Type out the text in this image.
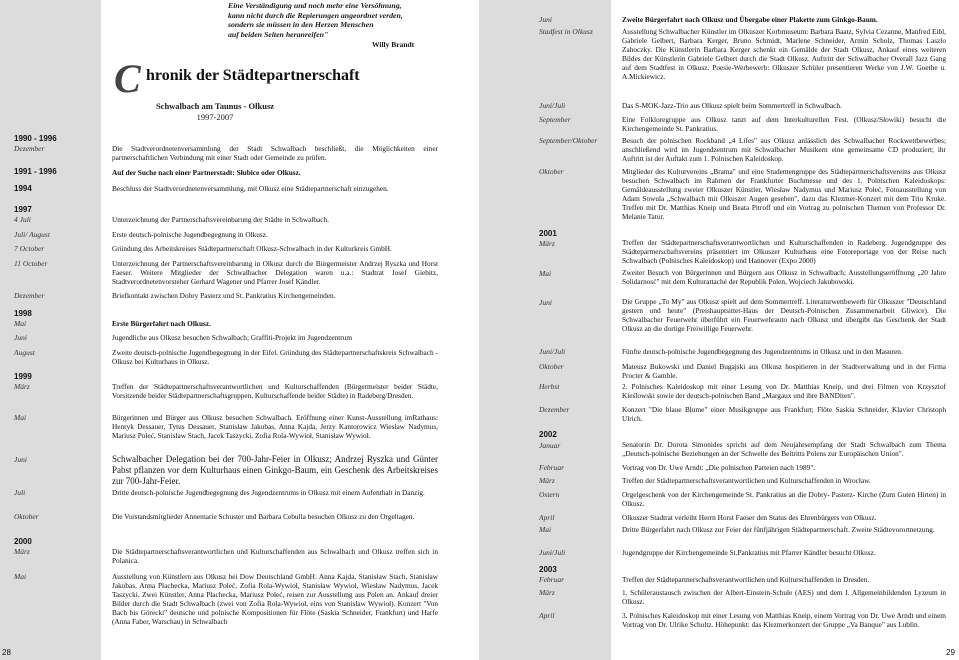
Eine Verständigung und noch mehr eine Versöhnung,
kann nicht durch die Repierungen angeordnet verden,
sondern sie müssen in den Herzen Menschen
auf beiden Seiten heranreifen"
Willy Brandt
C hronik der Städtepartnerschaft
Schwalbach am Taunus - Olkusz
1997-2007
1990 - 1996
Dezember	Die Stadtverordnetenversammlung der Stadt Schwalbach beschließt, die Möglichkeiten einer partnerschaftlichen Verbindung mit einer Stadt oder Gemeinde zu prüfen.
1991 - 1996	Auf der Suche nach einer Partnerstadt: Słubice oder Olkusz.
1994	Beschluss der Stadtverordnetenversammlung, mit Olkusz eine Städtepartnerschaft einzugehen.
1997
4 Juli	Unterzeichnung der Partnerschaftsvereinbarung der Städte in Schwalbach.
Juli/ August	Erste deutsch-polnische Jugendbegegnung in Olkusz.
7 October	Gründung des Arbeitskreises Städtepartnerschaft Olkusz-Schwalbach in der Kulturkreis GmbH.
11 October	Unterzeichnung der Partnerschaftsvereinbarung in Olkusz durch die Bürgermeister Andrzej Ryszka und Horst Faeser. Weitere Mitglieder der Schwalbacher Delegation waren u.a.: Stadtrat Josef Giebitz, Stadtverordnetenvorsteher Gerhard Wagener und Pfarrer Josef Kändler.
Dezember	Briefkontakt zwischen Dobry Pasterz und St. Pankratius Kirchengemeinden.
1998
Mai	Erste Bürgerfahrt nach Olkusz.
Juni	Jugendliche aus Olkusz besuchen Schwalbach; Graffiti-Projekt im Jugendzentrum
August	Zweite deutsch-polnische Jugendbegegnung in der Eifel. Gründung des Städtepartnerschaftskreis Schwalbach - Olkusz bei Kulturhaus in Olkusz.
1999
März	Treffen der Städtepartnerschaftsverantwortlichen und Kulturschaffenden (Bürgermeister beider Städte, Vorsitzende beider Städtepartnerschaftsgruppen, Kulturschaffende beider Städte) in Radeberg/Dresden.
Mai	Bürgerinnen und Bürger aus Olkusz besuchen Schwalbach. Eröffnung einer Kunst-Ausstellung imRathaus: Henryk Dessauer, Tytus Dessauer, Stanisław Jakubas, Anna Kajda, Jerzy Kantorowicz Wiesław Nadymus, Mariusz Połeć, Stanisław Stach, Jacek Taszycki, Zofia Rola-Wywioł, Stanisław Wywioł.
Juni	Schwalbacher Delegation bei der 700-Jahr-Feier in Olkusz; Andrzej Ryszka und Günter Pabst pflanzen vor dem Kulturhaus einen Ginkgo-Baum, ein Geschenk des Arbeitskreises zur 700-Jahr-Feier.
Juli	Dritte deutsch-polnische Jugendbegegnung des Jugendzentrums in Olkusz mit einem Aufenthalt in Danzig.
Oktober	Die Vorstandsmitglieder Annemarie Schuster und Barbara Cebulla besuchen Olkusz zu den Orgeltagen.
2000
März	Die Städtepartnerschaftsverantwortlichen und Kulturschaffenden aus Schwalbach und Olkusz treffen sich in Polanica.
Mai	Ausstellung von Künstlern aus Olkusz bei Dow Deutschland GmbH: Anna Kajda, Stanisław Stach, Stanisław Jakubas, Anna Płachecka, Mariusz Połeć, Zofia Rola-Wywioł, Stanisław Wywioł, Wiesław Nadymus, Jacek Taszycki. Zwei Künstler, Anna Płachecka, Mariusz Połeć, reisen zur Ausstellung aus Polen an. Ankauf dreier Bilder durch die Stadt Schwalbach (zwei von Zofia Rola-Wywioł, eins von Stanisław Wywioł). Konzert "Von Bach bis Górecki" deutsche und polnische Kompositionen für Flöte (Saskia Schneider, Frankfurt) und Harfe (Anna Faber, Warschau) in Schwalbach
28
Juni	Zweite Bürgerfahrt nach Olkusz und Übergabe einer Plakette zum Ginkgo-Baum.
Stadfest in Olkusz	Ausstellung Schwalbacher Künstler im Olkuszer Korbmuseum: Barbara Baatz, Sylvia Cezanne, Manfred Eibl, Gabriele Gelbert, Barbara Kerger, Bruno Schmidt, Marlene Schneider, Armin Scholz, Thomas Laszlo Zahoczky. Die Künstlerin Barbara Kerger schenkt ein Gemälde der Stadt Olkusz, Ankauf eines weiteren Bildes der Künstlerin Gabriele Gelbert durch die Stadt Olkusz. Auftritt der Schwalbacher Overall Jazz Gang auf dem Stadtfest in Olkusz. Poesie-Werbewerb: Olkuszer Schüler presentieren Werke von J.W. Goethe u. A.Mickiewicz.
Juni/Juli	Das S-MOK-Jazz-Trio aus Olkusz spielt beim Sommertreff in Schwalbach.
September	Eine Folkloregruppe aus Olkusz tanzt auf dem Interkulturellen Fest. (Olkusz/Słowiki) besucht die Kirchengemeinde St. Pankratius.
September/Oktober	Besuch der polnischen Rockband „4 Lifes" aus Olkusz anlässlich des Schwalbacher Rockwettbewerbes; anschließend wird im Jugendzentrum mit Schwalbacher Musikern eine gemeinsame CD produziert; ihr Auftritt ist der Auftakt zum 1. Polnischen Kaleidoskop.
Oktober	Mitglieder des Kulturvereins „Brama" und eine Studentengruppe des Städtepartnerschaftsvereins aus Olkusz besuchen Schwalbach im Rahmen der Frankfurter Buchmesse und des 1. Polnischen Kaleidoskops: Gemäldeausstellung zweier Olkuszer Künstler, Wiesław Nadymus und Mariusz Połeć, Fotoausstellung von Adam Sowula „Schwalbach mit Olkuszer Augen gesehen", dazu das Klezmer-Konzert mit dem Trio Kruke. Treffen mit Dr. Matthias Kneip und Beata Pitroff und ein Vortrag zu polnischen Themen von Professor Dr. Melanie Tatur.
2001
März	Treffen der Städtepartnerschaftsverantwortlichen und Kulturschaffenden in Radeberg. Jugendgruppe des Städtepartnerschaftsvereins präsentiert im Olkuszer Kulturhaus eine Fotoreportage von der Reise nach Schwalbach (Polnisches Kaleidoskop) und Hannover (Expo 2000)
Mai	Zweiter Besuch von Bürgerinnen und Bürgern aus Olkusz in Schwalbach; Ausstellungseröffnung „20 Jahre Solidarnosć" mit dem Kulturattaché der Republik Polen, Wojciech Jakubowski.
Juni	Die Gruppe „To My" aus Olkusz spielt auf dem Sommertreff. Literaturwettbewerb für Olkuszer "Deutschland gestern und heute" (Preishauptsitter-Haus der Deutsch-Polnischen Zusammenarbeit Gliwice). Die Schwalbacher Feuerwehr überführt ein Feuerwehrauto nach Olkusz und übergibt das Geschenk der Stadt Olkusz an die dortige Freiwillige Feuerwehr.
Juni/Juli	Fünfte deutsch-polnische Jugendbegegnung des Jugendzentrums in Olkusz und in den Masuren.
Oktober	Mateusz Bukowski und Daniel Bugajski aus Olkusz hospitieren in der Stadtverwaltung und in der Firma Procter & Gamble.
Herbst	2. Polnisches Kaleidoskop mit einer Lesung von Dr. Matthias Kneip, und drei Filmen von Krzysztof Kieślowski sowie der deutsch-polnischen Band „Margaux und ihre BANDiten".
Dezember	Konzert "Die blaue Blume" einer Musikgruppe aus Frankfurt; Flöte Saskia Schneider, Klavier Christoph Ulrich.
2002
Januar	Senatorin Dr. Dorota Simonides spricht auf dem Neujahrsempfang der Stadt Schwalbach zum Thema „Deutsch-polnische Beziehungen an der Schwelle des Beitritts Polens zur Europäischen Union".
Februar	Vortrag von Dr. Uwe Arndt: „Die polnischen Parteien nach 1989".
März	Treffen der Städtepartnerschaftsverantwortlichen und Kulturschaffenden in Wrocław.
Ostern	Orgelgeschenk von der Kirchengemeinde St. Pankratius an die Dobry- Pasterz- Kirche (Zum Guten Hirten) in Olkusz.
April	Olkuszer Stadtrat verleiht Herrn Horst Faeser den Status des Ehrenbürgers von Olkusz.
Mai	Dritte Bürgerfahrt nach Olkusz zur Feier der fünfjährigen Städtepartnerschaft. Zweite Städtevorortnetzung.
Juni/Juli	Jugendgruppe der Kirchengemeinde St.Pankratius mit Pfarrer Kändler besucht Olkusz.
2003
Februar	Treffen der Städtepartnerschaftsverantwortlichen und Kulturschaffenden in Dresden.
März	1. Schüleraustausch zwischen der Albert-Einstein-Schule (AES) und dem I. Allgemeinbildenden Lyzeum in Olkusz.
April	3. Polnisches Kaleidoskop mit einer Lesung von Matthias Kneip, einem Vortrag von Dr. Uwe Arndt und einem Vortrag von Dr. Ulrike Scholtz. Höhepunkt: das Klezmerkonzert der Gruppe „Va Banque" aus Lublin.
29
